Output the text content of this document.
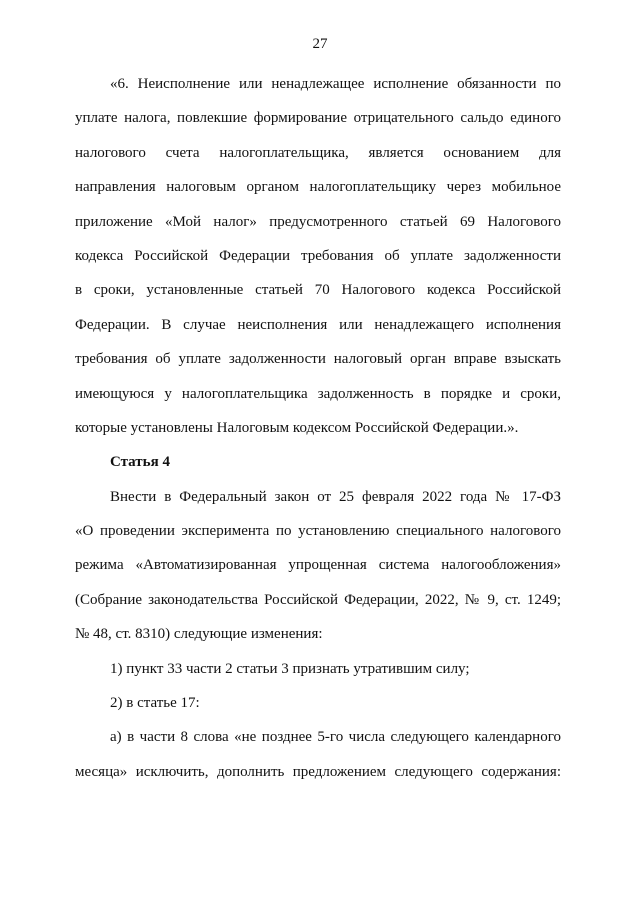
27
«6. Неисполнение или ненадлежащее исполнение обязанности по
уплате налога, повлекшие формирование отрицательного сальдо единого
налогового счета налогоплательщика, является основанием для
направления налоговым органом налогоплательщику через мобильное
приложение «Мой налог» предусмотренного статьей 69 Налогового
кодекса Российской Федерации требования об уплате задолженности
в сроки, установленные статьей 70 Налогового кодекса Российской
Федерации. В случае неисполнения или ненадлежащего исполнения
требования об уплате задолженности налоговый орган вправе взыскать
имеющуюся у налогоплательщика задолженность в порядке и сроки,
которые установлены Налоговым кодексом Российской Федерации.».
Статья 4
Внести в Федеральный закон от 25 февраля 2022 года № 17-ФЗ
«О проведении эксперимента по установлению специального налогового
режима «Автоматизированная упрощенная система налогообложения»
(Собрание законодательства Российской Федерации, 2022, № 9, ст. 1249;
№ 48, ст. 8310) следующие изменения:
1) пункт 33 части 2 статьи 3 признать утратившим силу;
2) в статье 17:
а) в части 8 слова «не позднее 5-го числа следующего календарного
месяца» исключить, дополнить предложением следующего содержания:
